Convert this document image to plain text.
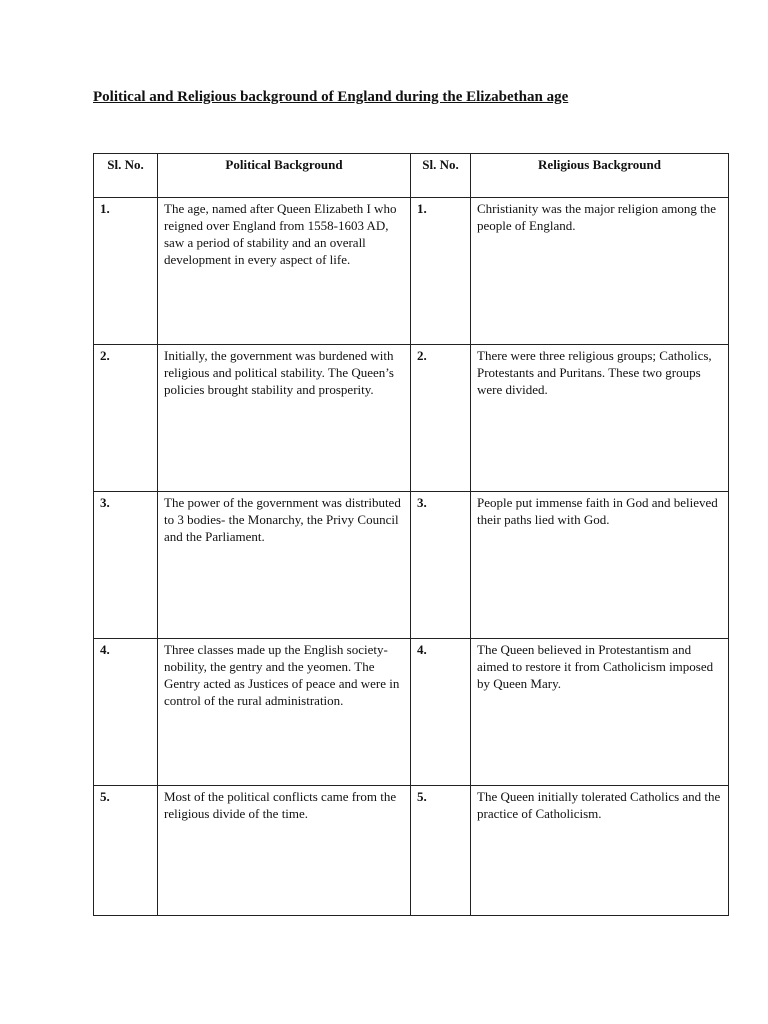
Political and Religious background of England during the Elizabethan age
Sl. No.	Political Background	Sl. No.	Religious Background
1.	The age, named after Queen Elizabeth I who reigned over England from 1558-1603 AD, saw a period of stability and an overall development in every aspect of life.	1.	Christianity was the major religion among the people of England.
2.	Initially, the government was burdened with religious and political stability. The Queen’s policies brought stability and prosperity.	2.	There were three religious groups; Catholics, Protestants and Puritans. These two groups were divided.
3.	The power of the government was distributed to 3 bodies- the Monarchy, the Privy Council and the Parliament.	3.	People put immense faith in God and believed their paths lied with God.
4.	Three classes made up the English society- nobility, the gentry and the yeomen. The Gentry acted as Justices of peace and were in control of the rural administration.	4.	The Queen believed in Protestantism and aimed to restore it from Catholicism imposed by Queen Mary.
5.	Most of the political conflicts came from the religious divide of the time.	5.	The Queen initially tolerated Catholics and the practice of Catholicism.
